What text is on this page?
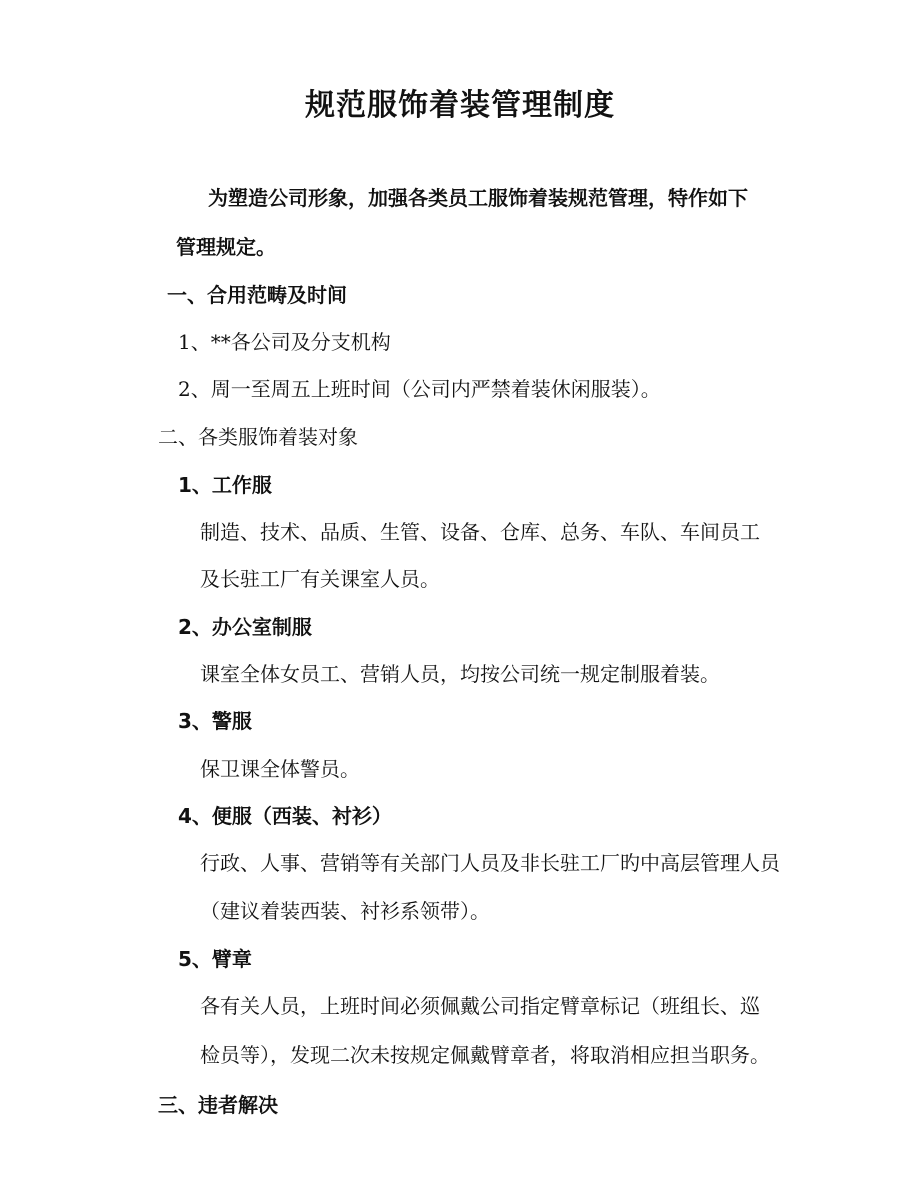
规范服饰着装管理制度
为塑造公司形象，加强各类员工服饰着装规范管理，特作如下
管理规定。
一、合用范畴及时间
1、**各公司及分支机构
2、周一至周五上班时间（公司内严禁着装休闲服装）。
二、各类服饰着装对象
1、工作服
制造、技术、品质、生管、设备、仓库、总务、车队、车间员工
及长驻工厂有关课室人员。
2、办公室制服
课室全体女员工、营销人员，均按公司统一规定制服着装。
3、警服
保卫课全体警员。
4、便服（西装、衬衫）
行政、人事、营销等有关部门人员及非长驻工厂旳中高层管理人员
（建议着装西装、衬衫系领带）。
5、臂章
各有关人员，上班时间必须佩戴公司指定臂章标记（班组长、巡
检员等），发现二次未按规定佩戴臂章者，将取消相应担当职务。
三、违者解决
